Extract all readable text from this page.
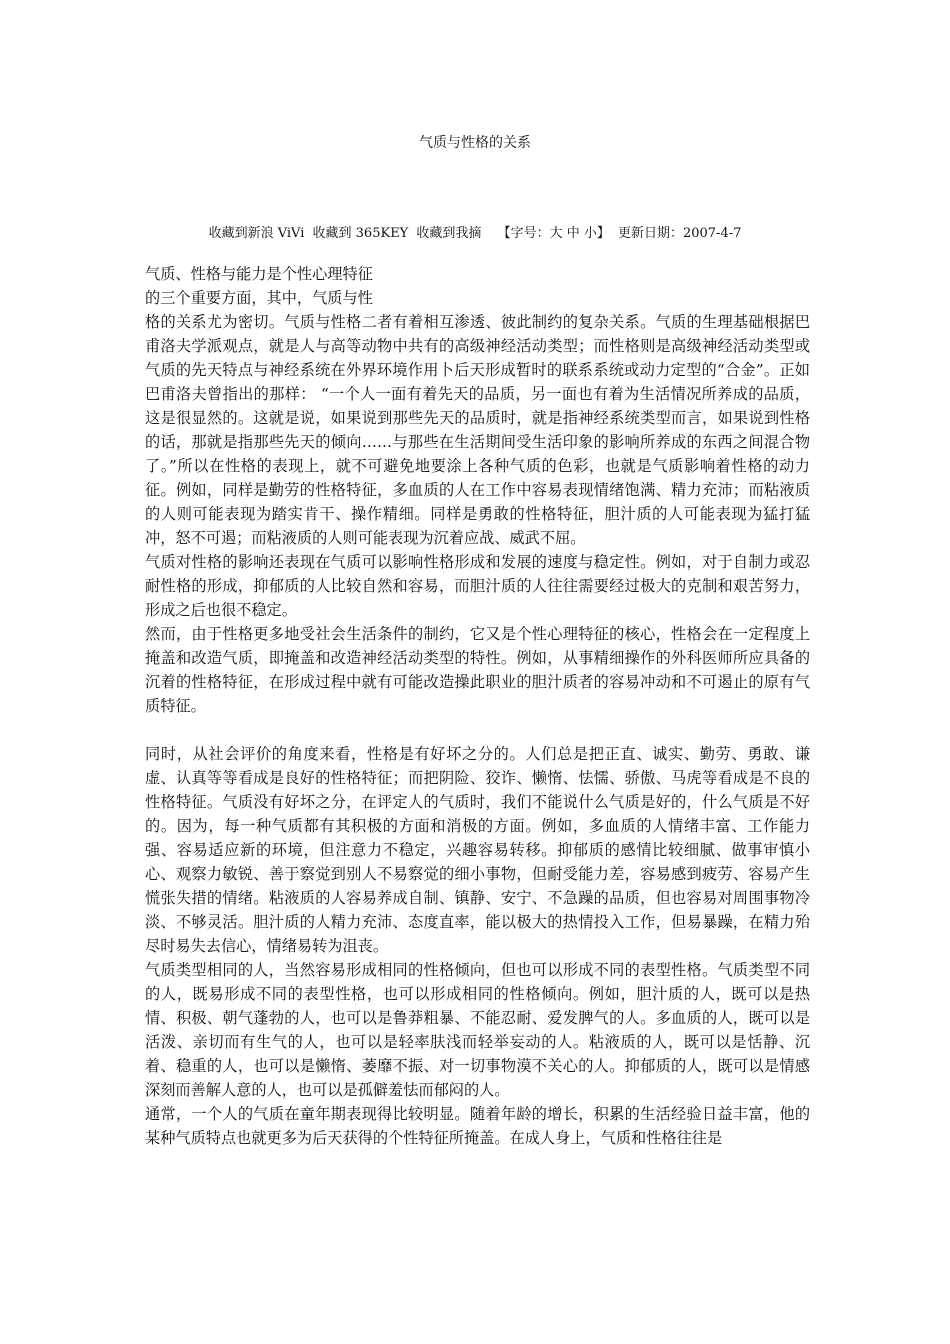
气质与性格的关系
收藏到新浪 ViVi 收藏到 365KEY 收藏到我摘 【字号：大 中 小】 更新日期：2007-4-7

气质、性格与能力是个性心理特征

的三个重要方面，其中，气质与性

格的关系尤为密切。气质与性格二者有着相互渗透、彼此制约的复杂关系。气质的生理基础根据巴甫洛夫学派观点，就是人与高等动物中共有的高级神经活动类型；而性格则是高级神经活动类型或气质的先天特点与神经系统在外界环境作用卜后天形成暂时的联系系统或动力定型的“合金”。正如巴甫洛夫曾指出的那样： “一个人一面有着先天的品质，另一面也有着为生活情况所养成的品质，这是很显然的。这就是说，如果说到那些先天的品质时，就是指神经系统类型而言，如果说到性格的话，那就是指那些先天的倾向……与那些在生活期间受生活印象的影响所养成的东西之间混合物了。”所以在性格的表现上，就不可避免地要涂上各种气质的色彩，也就是气质影响着性格的动力征。例如，同样是勤劳的性格特征，多血质的人在工作中容易表现情绪饱满、精力充沛；而粘液质的人则可能表现为踏实肯干、操作精细。同样是勇敢的性格特征，胆汁质的人可能表现为猛打猛冲，怒不可遏；而粘液质的人则可能表现为沉着应战、威武不屈。

气质对性格的影响还表现在气质可以影响性格形成和发展的速度与稳定性。例如，对于自制力或忍耐性格的形成，抑郁质的人比较自然和容易，而胆汁质的人往往需要经过极大的克制和艰苦努力，形成之后也很不稳定。

然而，由于性格更多地受社会生活条件的制约，它又是个性心理特征的核心，性格会在一定程度上掩盖和改造气质，即掩盖和改造神经活动类型的特性。例如，从事精细操作的外科医师所应具备的沉着的性格特征，在形成过程中就有可能改造操此职业的胆汁质者的容易冲动和不可遏止的原有气质特征。

同时，从社会评价的角度来看，性格是有好坏之分的。人们总是把正直、诚实、勤劳、勇敢、谦虚、认真等等看成是良好的性格特征；而把阴险、狡诈、懒惰、怯懦、骄傲、马虎等看成是不良的性格特征。气质没有好坏之分，在评定人的气质时，我们不能说什么气质是好的，什么气质是不好的。因为，每一种气质都有其积极的方面和消极的方面。例如，多血质的人情绪丰富、工作能力强、容易适应新的环境，但注意力不稳定，兴趣容易转移。抑郁质的感情比较细腻、做事审慎小心、观察力敏锐、善于察觉到别人不易察觉的细小事物，但耐受能力差，容易感到疲劳、容易产生慌张失措的情绪。粘液质的人容易养成自制、镇静、安宁、不急躁的品质，但也容易对周围事物冷淡、不够灵活。胆汁质的人精力充沛、态度直率，能以极大的热情投入工作，但易暴躁，在精力殆尽时易失去信心，情绪易转为沮丧。

气质类型相同的人，当然容易形成相同的性格倾向，但也可以形成不同的表型性格。气质类型不同的人，既易形成不同的表型性格，也可以形成相同的性格倾向。例如，胆汁质的人，既可以是热情、积极、朝气蓬勃的人，也可以是鲁莽粗暴、不能忍耐、爱发脾气的人。多血质的人，既可以是活泼、亲切而有生气的人，也可以是轻率肤浅而轻举妄动的人。粘液质的人，既可以是恬静、沉着、稳重的人，也可以是懒惰、萎靡不振、对一切事物漠不关心的人。抑郁质的人，既可以是情感深刻而善解人意的人，也可以是孤僻羞怯而郁闷的人。

通常，一个人的气质在童年期表现得比较明显。随着年龄的增长，积累的生活经验日益丰富，他的某种气质特点也就更多为后天获得的个性特征所掩盖。在成人身上，气质和性格往往是
